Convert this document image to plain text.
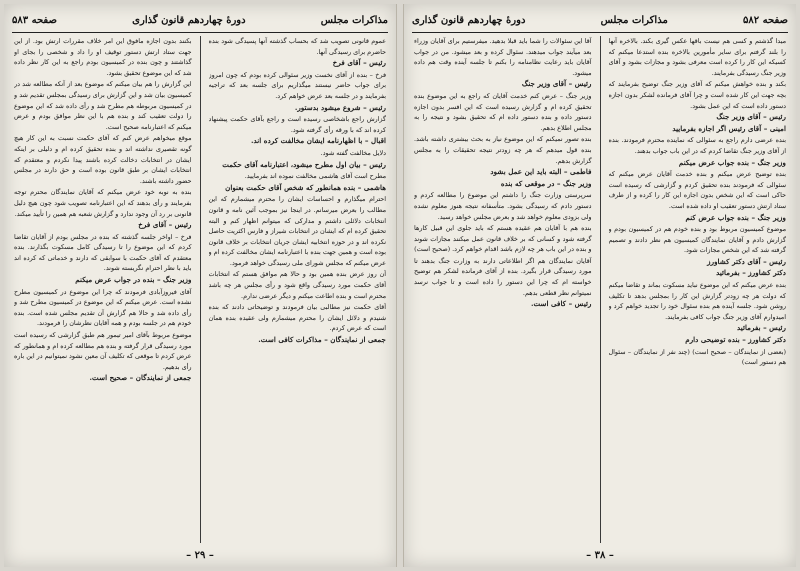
مذاکرات مجلس
دورهٔ چهاردهم قانون گذاری
صفحه ۵۸۳
عموم قانونی تصویب شد که بحساب گذشته آنها پسیدگی شود بنده حاضرم برای رسیدگی آنها.
رئیس – آقای فرخ
فرخ – بنده از آقای نخست وزیر سئوالی کرده بودم که چون امروز برای جواب حاضر نیستند میگذاریم برای جلسه بعد که تراجیه بفرمایند و در جلسه بعد عرض خواهم کرد.
رئیس – شروع میشود بدستور.
گزارش راجع باشخاصی رسیده است و راجع بآقای حکمت پیشنهاد کرده اند که با ورقه رأی گرفته شود.
اقبال – با اظهارنامه ایشان مخالفت کرده اند.
دلایل مخالفت گفته شود.
رئیس – بیان اول مطرح میشود، اعتبارنامه آقای حکمت
مطرح است آقای هاشمی مخالفت نموده اند بفرمایید.
هاشمی – بنده همانطور که شخص آقای حکمت بعنوان
احترام میگذارم و احساسات ایشان را محترم میشمارم که این مطالب را بعرض میرسانم. در اینجا نیز بموجب آئین نامه و قانون انتخابات دلائلی داشتم و مدارکی که میتوانم اظهار کنم و البته تحقیق کرده ام که ایشان در انتخابات شیراز و فارس اکثریت حاصل نکرده اند و در حوزه انتخابیه ایشان جریان انتخابات بر خلاف قانون بوده است و همین جهت بنده با اعتبارنامه ایشان مخالفت کرده ام و عرض میکنم که مجلس شورای ملی رسیدگی خواهد فرمود.
آن روز عرض بنده همین بود و حالا هم موافق هستم که انتخابات آقای حکمت مورد رسیدگی واقع شود و رأی مجلس هر چه باشد محترم است و بنده اطاعت میکنم و دیگر عرضی ندارم.
آقای حکمت نیز مطالبی بیان فرمودند و توضیحاتی دادند که بنده شنیدم و دلائل ایشان را محترم میشمارم ولی عقیده بنده همان است که عرض کردم.
جمعی از نمایندگان – مذاکرات کافی است.
بکنند بدون اجازه مافوق این امر خلاف مقررات ارتش بود. از این جهت ستاد ارتش دستور توقیف او را داد و شخصی را بجای او گذاشتند و چون بنده در کمیسیون بودم راجع به این کار نظر داده شد که این موضوع تحقیق بشود.
این گزارش را هم بیان میکنم که موضوع بعد از آنکه مطالعه شد در کمیسیون بیان شد و این گزارش برای رسیدگی بمجلس تقدیم شد و در کمیسیون مربوطه هم مطرح شد و رأی داده شد که این موضوع را دولت تعقیب کند و بنده هم با این نظر موافق بودم و عرض میکنم که اعتبارنامه صحیح است.
موقع میخواهم عرض کنم که آقای حکمت نسبت به این کار هیچ گونه تقصیری نداشته اند و بنده تحقیق کرده ام و دلیلی بر اینکه ایشان در انتخابات دخالت کرده باشند پیدا نکردم و معتقدم که انتخابات ایشان بر طبق قانون بوده است و حق دارند در مجلس حضور داشته باشند.
بنده به نوبه خود عرض میکنم که آقایان نمایندگان محترم توجه بفرمایند و رأی بدهند که این اعتبارنامه تصویب شود چون هیچ دلیل قانونی بر رد آن وجود ندارد و گزارش شعبه هم همین را تأیید میکند.
رئیس – آقای فرخ
فرخ – اواخر جلسه گذشته که بنده در مجلس بودم از آقایان تقاضا کردم که این موضوع را تا رسیدگی کامل مسکوت بگذارند. بنده معتقدم که آقای حکمت با سوابقی که دارند و خدماتی که کرده اند باید با نظر احترام نگریسته شوند.
وزیر جنگ – بنده در جواب عرض میکنم
آقای فیروزآبادی فرمودند که چرا این موضوع در کمیسیون مطرح نشده است. عرض میکنم که این موضوع در کمیسیون مطرح شد و رأی داده شد و حالا هم گزارش آن تقدیم مجلس شده است. بنده خودم هم در جلسه بودم و همه آقایان نظرشان را فرمودند.
موضوع مربوط بآقای امیر تیمور هم طبق گزارشی که رسیده است مورد رسیدگی قرار گرفته و بنده هم مطالعه کرده ام و همانطور که عرض کردم تا موقعی که تکلیف آن معین نشود نمیتوانیم در این باره رأی بدهیم.
جمعی از نمایندگان – صحیح است.
– ۲۹ –
صفحه ۵۸۲
مذاکرات مجلس
دورهٔ چهاردهم قانون گذاری
میدا گذشتم و کسی هم نیست باقها عکس گیری بکند. بالاخره آنها را بلند گرفتم برای سایر مأمورین بالاخره بنده استدعا میکنم که کسیکه این کار را کرده است معرفی بشود و مجازات بشود و آقای وزیر جنگ رسیدگی بفرمایند.
بکند و بنده خواهش میکنم که آقای وزیر جنگ توضیح بفرمایند که بچه جهت این کار شده است و چرا آقای فرمانده لشکر بدون اجازه دستور داده است که این عمل بشود.
رئیس – آقای وزیر جنگ
امینی – آقای رئیس اگر اجازه بفرمایید
بنده عرضی دارم راجع به سئوالی که نماینده محترم فرمودند. بنده از آقای وزیر جنگ تقاضا کردم که در این باب جواب بدهند.
وزیر جنگ – بنده جواب عرض میکنم
بنده توضیح عرض میکنم و بنده خدمت آقایان عرض میکنم که سئوالی که فرمودند بنده تحقیق کردم و گزارشی که رسیده است حاکی است که این شخص بدون اجازه این کار را کرده و از طرف ستاد ارتش دستور تعقیب او داده شده است.
وزیر جنگ – بنده جواب عرض کنم
موضوع کمیسیون مربوط بود و بنده خودم هم در کمیسیون بودم و گزارش دادم و آقایان نمایندگان کمیسیون هم نظر دادند و تصمیم گرفته شد که این شخص مجازات شود.
رئیس – آقای دکتر کشاورز
دکتر کشاورز – بفرمائید
بنده عرض میکنم که این موضوع نباید مسکوت بماند و تقاضا میکنم که دولت هر چه زودتر گزارش این کار را بمجلس بدهد تا تکلیف روشن شود. جلسه آینده هم بنده سئوال خود را تجدید خواهم کرد و امیدوارم آقای وزیر جنگ جواب کافی بفرمایند.
رئیس – بفرمائید
دکتر کشاورز – بنده توضیحی دارم
(بعضی از نمایندگان – صحیح است) (چند نفر از نمایندگان – سئوال هم دستور است)
آقا این سئوالات را شما باید قبلا بدهید. میفرستیم برای آقایان وزراء بعد میآیند جواب میدهند. سئوال کرده و بعد میشود. من در جواب آقایان باید رعایت نظامنامه را بکنم تا جلسه آینده وقت هم داده میشود.
رئیس – آقای وزیر جنگ
وزیر جنگ – عرض کنم خدمت آقایان که راجع به این موضوع بنده تحقیق کرده ام و گزارش رسیده است که این افسر بدون اجازه دستور داده و بنده دستور داده ام که تحقیق بشود و نتیجه را به مجلس اطلاع بدهم.
بنده تصور نمیکنم که این موضوع نیاز به بحث بیشتری داشته باشد. بنده قول میدهم که هر چه زودتر نتیجه تحقیقات را به مجلس گزارش بدهم.
فاطمی – البته باید این عمل بشود
وزیر جنگ – در موقعی که بنده
سرپرستی وزارت جنگ را داشتم این موضوع را مطالعه کردم و دستور دادم که رسیدگی بشود. متأسفانه نتیجه هنوز معلوم نشده ولی بزودی معلوم خواهد شد و بعرض مجلس خواهد رسید.
بنده هم با آقایان هم عقیده هستم که باید جلوی این قبیل کارها گرفته شود و کسانی که بر خلاف قانون عمل میکنند مجازات شوند و بنده در این باب هر چه لازم باشد اقدام خواهم کرد. (صحیح است)
آقایان نمایندگان هم اگر اطلاعاتی دارند به وزارت جنگ بدهند تا مورد رسیدگی قرار بگیرد. بنده از آقای فرمانده لشکر هم توضیح خواسته ام که چرا این دستور را داده است و تا جواب نرسد نمیتوانم نظر قطعی بدهم.
رئیس – کافی است.
– ۳۸ –
